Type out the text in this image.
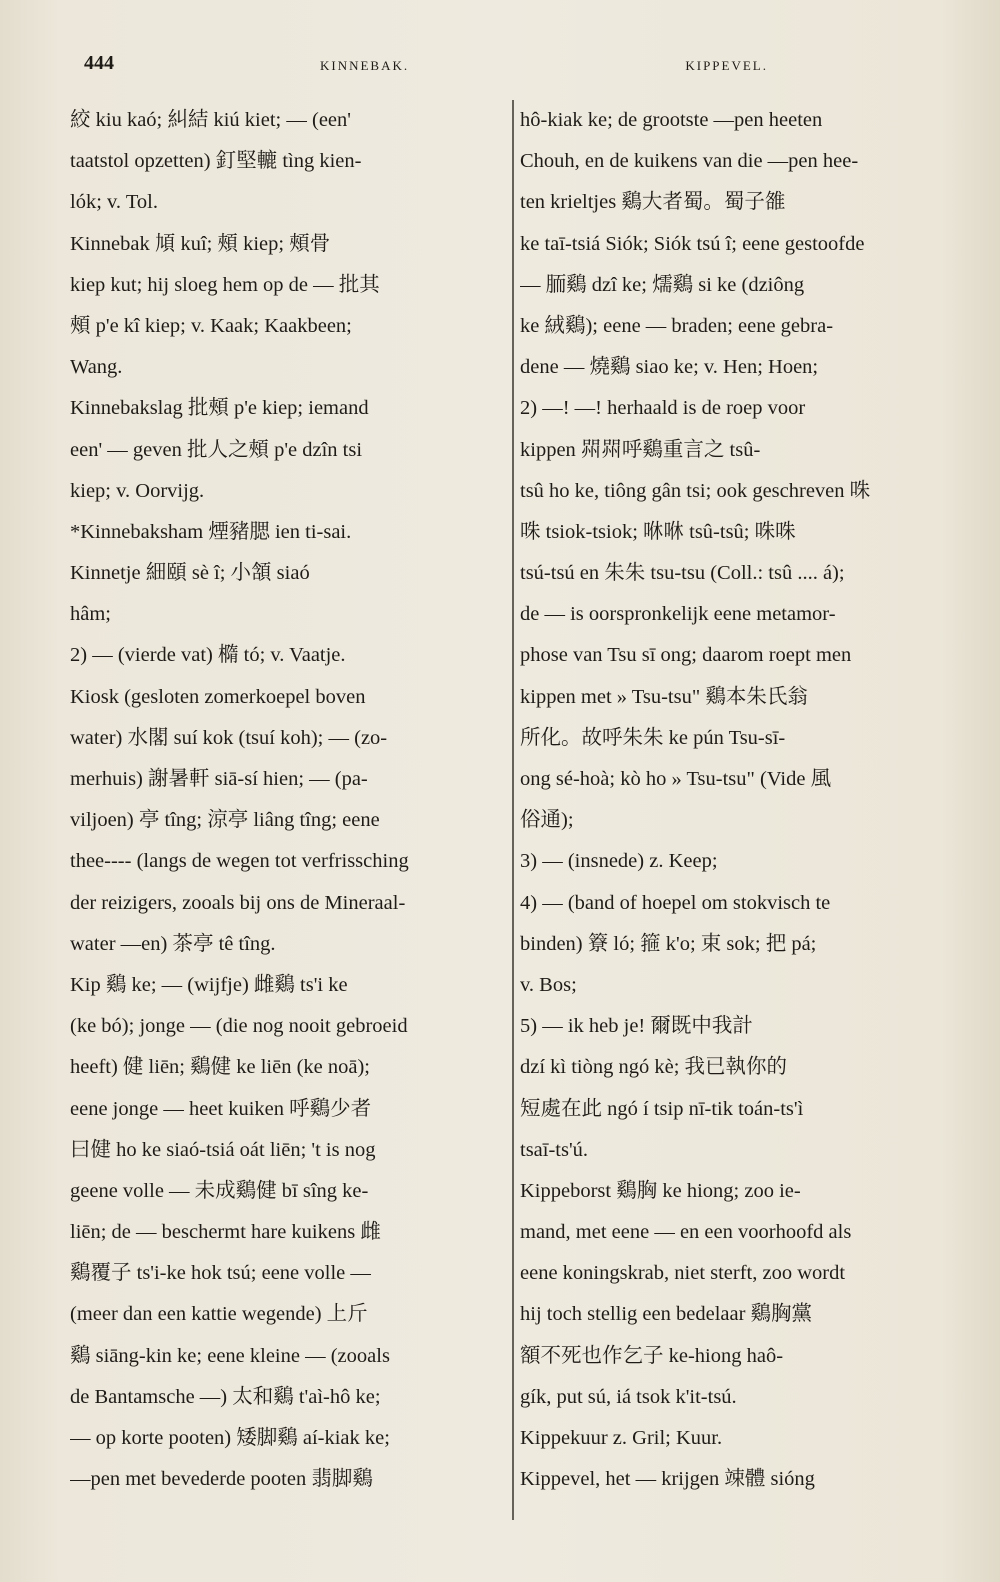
444	KINNEBAK.	KIPPEVEL.
絞 kiu kaó; 糾結 kiú kiet; — (een'
taatstol opzetten) 釘堅轆 tìng kien-
lók; v. Tol.
Kinnebak 頄 kuî; 頰 kiep; 頰骨
kiep kut; hij sloeg hem op de — 批其
頰 p'e kî kiep; v. Kaak; Kaakbeen;
Wang.
Kinnebakslag 批頰 p'e kiep; iemand
een' — geven 批人之頰 p'e dzîn tsi
kiep; v. Oorvijg.
*Kinnebaksham 煙豬腮 ien ti-sai.
Kinnetje 細頤 sè î; 小頷 siaó
hâm;
2) — (vierde vat) 橢 tó; v. Vaatje.
Kiosk (gesloten zomerkoepel boven
water) 水閣 suí kok (tsuí koh); — (zo-
merhuis) 謝暑軒 siā-sí hien; — (pa-
viljoen) 亭 tîng; 涼亭 liâng tîng; eene
thee---- (langs de wegen tot verfrissching
der reizigers, zooals bij ons de Mineraal-
water —en) 茶亭 tê tîng.
Kip 鷄 ke; — (wijfje) 雌鷄 ts'i ke
(ke bó); jonge — (die nog nooit gebroeid
heeft) 健 liēn; 鷄健 ke liēn (ke noā);
eene jonge — heet kuiken 呼鷄少者
曰健 ho ke siaó-tsiá oát liēn; 't is nog
geene volle — 未成鷄健 bī sîng ke-
liēn; de — beschermt hare kuikens 雌
鷄覆子 ts'i-ke hok tsú; eene volle —
(meer dan een kattie wegende) 上斤
鷄 siāng-kin ke; eene kleine — (zooals
de Bantamsche —) 太和鷄 t'aì-hô ke;
— op korte pooten) 矮脚鷄 aí-kiak ke;
—pen met bevederde pooten 翡脚鷄
hô-kiak ke; de grootste —pen heeten
Chouh, en de kuikens van die —pen hee-
ten krieltjes 鷄大者蜀。蜀子雒
ke taī-tsiá Siók; Siók tsú î; eene gestoofde
— 胹鷄 dzî ke; 燸鷄 si ke (dziông
ke 絨鷄); eene — braden; eene gebra-
dene — 燒鷄 siao ke; v. Hen; Hoen;
2) —! —! herhaald is de roep voor
kippen 喌喌呼鷄重言之 tsû-
tsû ho ke, tiông gân tsi; ook geschreven 咮
咮 tsiok-tsiok; 咻咻 tsû-tsû; 咮咮
tsú-tsú en 朱朱 tsu-tsu (Coll.: tsû .... á);
de — is oorspronkelijk eene metamor-
phose van Tsu sī ong; daarom roept men
kippen met » Tsu-tsu" 鷄本朱氏翁
所化。故呼朱朱 ke pún Tsu-sī-
ong sé-hoà; kò ho » Tsu-tsu" (Vide 風
俗通);
3) — (insnede) z. Keep;
4) — (band of hoepel om stokvisch te
binden) 簝 ló; 箍 k'o; 束 sok; 把 pá;
v. Bos;
5) — ik heb je! 爾既中我計
dzí kì tiòng ngó kè; 我已執你的
短處在此 ngó í tsip nī-tik toán-ts'ì
tsaī-ts'ú.
Kippeborst 鷄胸 ke hiong; zoo ie-
mand, met eene — en een voorhoofd als
eene koningskrab, niet sterft, zoo wordt
hij toch stellig een bedelaar 鷄胸黨
額不死也作乞子 ke-hiong haô-
gík, put sú, iá tsok k'it-tsú.
Kippekuur z. Gril; Kuur.
Kippevel, het — krijgen 竦體 sióng
